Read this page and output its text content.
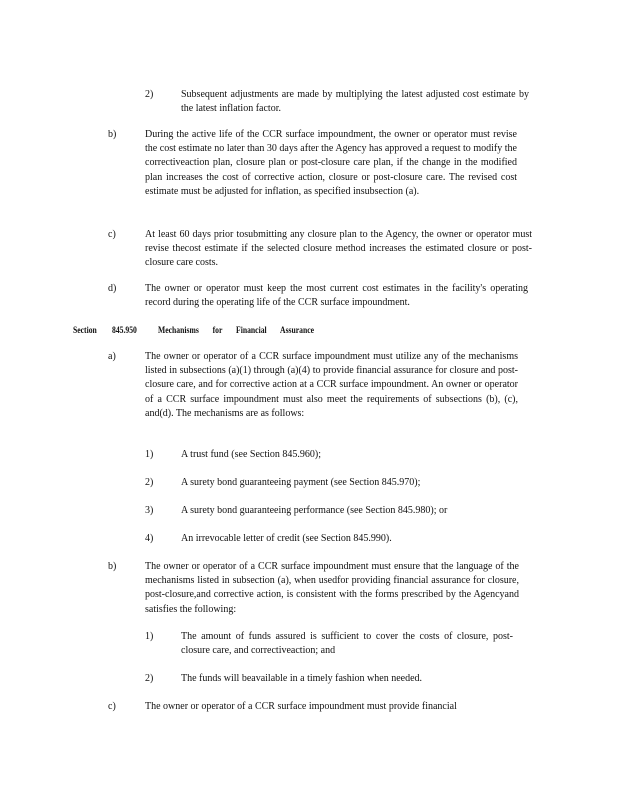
2)	Subsequent adjustments are made by multiplying the latest adjusted cost estimate by the latest inflation factor.
b)	During the active life of the CCR surface impoundment, the owner or operator must revise the cost estimate no later than 30 days after the Agency has approved a request to modify the correctiveaction plan, closure plan or post-closure care plan, if the change in the modified plan increases the cost of corrective action, closure or post-closure care. The revised cost estimate must be adjusted for inflation, as specified insubsection (a).
c)	At least 60 days prior tosubmitting any closure plan to the Agency, the owner or operator must revise thecost estimate if the selected closure method increases the estimated closure or post-closure care costs.
d)	The owner or operator must keep the most current cost estimates in the facility's operating record during the operating life of the CCR surface impoundment.
Section 845.950 Mechanisms for Financial Assurance
a)	The owner or operator of a CCR surface impoundment must utilize any of the mechanisms listed in subsections (a)(1) through (a)(4) to provide financial assurance for closure and post-closure care, and for corrective action at a CCR surface impoundment. An owner or operator of a CCR surface impoundment must also meet the requirements of subsections (b), (c), and(d). The mechanisms are as follows:
1)	A trust fund (see Section 845.960);
2)	A surety bond guaranteeing payment (see Section 845.970);
3)	A surety bond guaranteeing performance (see Section 845.980); or
4)	An irrevocable letter of credit (see Section 845.990).
b)	The owner or operator of a CCR surface impoundment must ensure that the language of the mechanisms listed in subsection (a), when usedfor providing financial assurance for closure, post-closure,and corrective action, is consistent with the forms prescribed by the Agencyand satisfies the following:
1)	The amount of funds assured is sufficient to cover the costs of closure, post-closure care, and correctiveaction; and
2)	The funds will beavailable in a timely fashion when needed.
c)	The owner or operator of a CCR surface impoundment must provide financial
